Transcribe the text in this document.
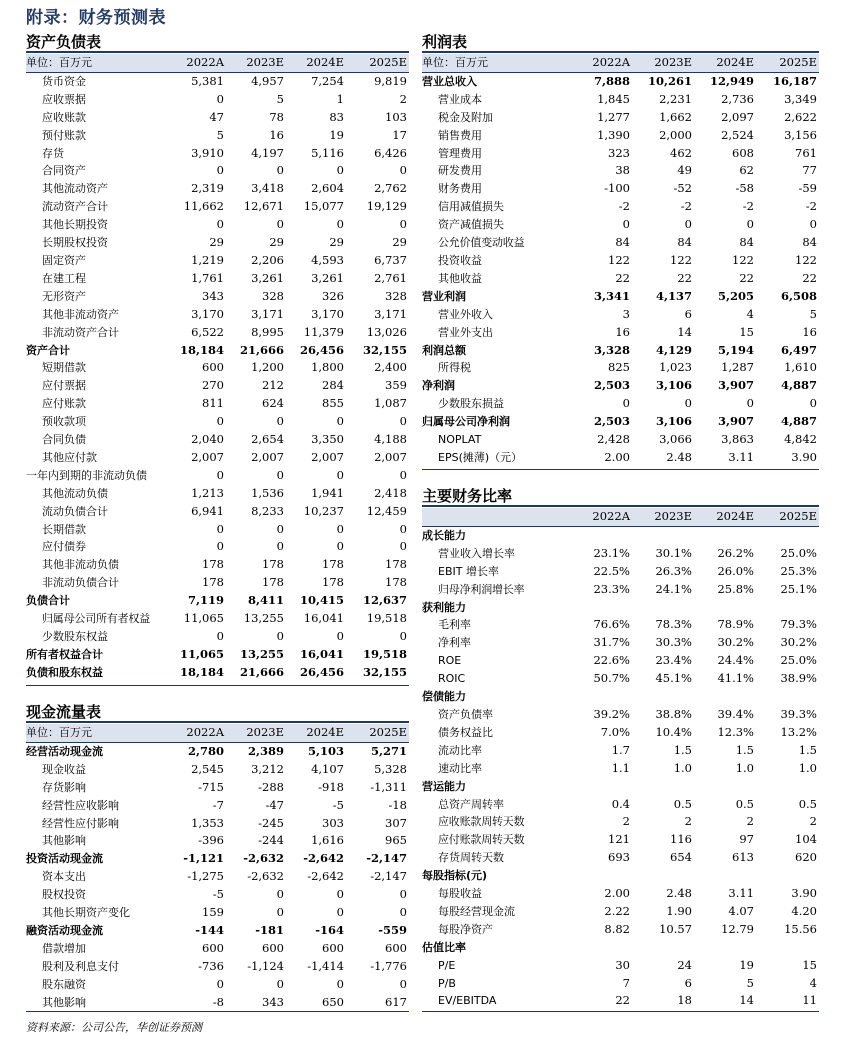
附录：财务预测表
资产负债表
单位：百万元	2022A	2023E	2024E	2025E
货币资金	5,381	4,957	7,254	9,819
应收票据	0	5	1	2
应收账款	47	78	83	103
预付账款	5	16	19	17
存货	3,910	4,197	5,116	6,426
合同资产	0	0	0	0
其他流动资产	2,319	3,418	2,604	2,762
流动资产合计	11,662	12,671	15,077	19,129
其他长期投资	0	0	0	0
长期股权投资	29	29	29	29
固定资产	1,219	2,206	4,593	6,737
在建工程	1,761	3,261	3,261	2,761
无形资产	343	328	326	328
其他非流动资产	3,170	3,171	3,170	3,171
非流动资产合计	6,522	8,995	11,379	13,026
资产合计	18,184	21,666	26,456	32,155
短期借款	600	1,200	1,800	2,400
应付票据	270	212	284	359
应付账款	811	624	855	1,087
预收款项	0	0	0	0
合同负债	2,040	2,654	3,350	4,188
其他应付款	2,007	2,007	2,007	2,007
一年内到期的非流动负债	0	0	0	0
其他流动负债	1,213	1,536	1,941	2,418
流动负债合计	6,941	8,233	10,237	12,459
长期借款	0	0	0	0
应付债券	0	0	0	0
其他非流动负债	178	178	178	178
非流动负债合计	178	178	178	178
负债合计	7,119	8,411	10,415	12,637
归属母公司所有者权益	11,065	13,255	16,041	19,518
少数股东权益	0	0	0	0
所有者权益合计	11,065	13,255	16,041	19,518
负债和股东权益	18,184	21,666	26,456	32,155
现金流量表
单位：百万元	2022A	2023E	2024E	2025E
经营活动现金流	2,780	2,389	5,103	5,271
现金收益	2,545	3,212	4,107	5,328
存货影响	-715	-288	-918	-1,311
经营性应收影响	-7	-47	-5	-18
经营性应付影响	1,353	-245	303	307
其他影响	-396	-244	1,616	965
投资活动现金流	-1,121	-2,632	-2,642	-2,147
资本支出	-1,275	-2,632	-2,642	-2,147
股权投资	-5	0	0	0
其他长期资产变化	159	0	0	0
融资活动现金流	-144	-181	-164	-559
借款增加	600	600	600	600
股利及利息支付	-736	-1,124	-1,414	-1,776
股东融资	0	0	0	0
其他影响	-8	343	650	617
利润表
单位：百万元	2022A	2023E	2024E	2025E
营业总收入	7,888	10,261	12,949	16,187
营业成本	1,845	2,231	2,736	3,349
税金及附加	1,277	1,662	2,097	2,622
销售费用	1,390	2,000	2,524	3,156
管理费用	323	462	608	761
研发费用	38	49	62	77
财务费用	-100	-52	-58	-59
信用减值损失	-2	-2	-2	-2
资产减值损失	0	0	0	0
公允价值变动收益	84	84	84	84
投资收益	122	122	122	122
其他收益	22	22	22	22
营业利润	3,341	4,137	5,205	6,508
营业外收入	3	6	4	5
营业外支出	16	14	15	16
利润总额	3,328	4,129	5,194	6,497
所得税	825	1,023	1,287	1,610
净利润	2,503	3,106	3,907	4,887
少数股东损益	0	0	0	0
归属母公司净利润	2,503	3,106	3,907	4,887
NOPLAT	2,428	3,066	3,863	4,842
EPS(摊薄)（元）	2.00	2.48	3.11	3.90
主要财务比率
	2022A	2023E	2024E	2025E
成长能力				
营业收入增长率	23.1%	30.1%	26.2%	25.0%
EBIT 增长率	22.5%	26.3%	26.0%	25.3%
归母净利润增长率	23.3%	24.1%	25.8%	25.1%
获利能力				
毛利率	76.6%	78.3%	78.9%	79.3%
净利率	31.7%	30.3%	30.2%	30.2%
ROE	22.6%	23.4%	24.4%	25.0%
ROIC	50.7%	45.1%	41.1%	38.9%
偿债能力				
资产负债率	39.2%	38.8%	39.4%	39.3%
债务权益比	7.0%	10.4%	12.3%	13.2%
流动比率	1.7	1.5	1.5	1.5
速动比率	1.1	1.0	1.0	1.0
营运能力				
总资产周转率	0.4	0.5	0.5	0.5
应收账款周转天数	2	2	2	2
应付账款周转天数	121	116	97	104
存货周转天数	693	654	613	620
每股指标(元)				
每股收益	2.00	2.48	3.11	3.90
每股经营现金流	2.22	1.90	4.07	4.20
每股净资产	8.82	10.57	12.79	15.56
估值比率				
P/E	30	24	19	15
P/B	7	6	5	4
EV/EBITDA	22	18	14	11
资料来源：公司公告，华创证券预测
